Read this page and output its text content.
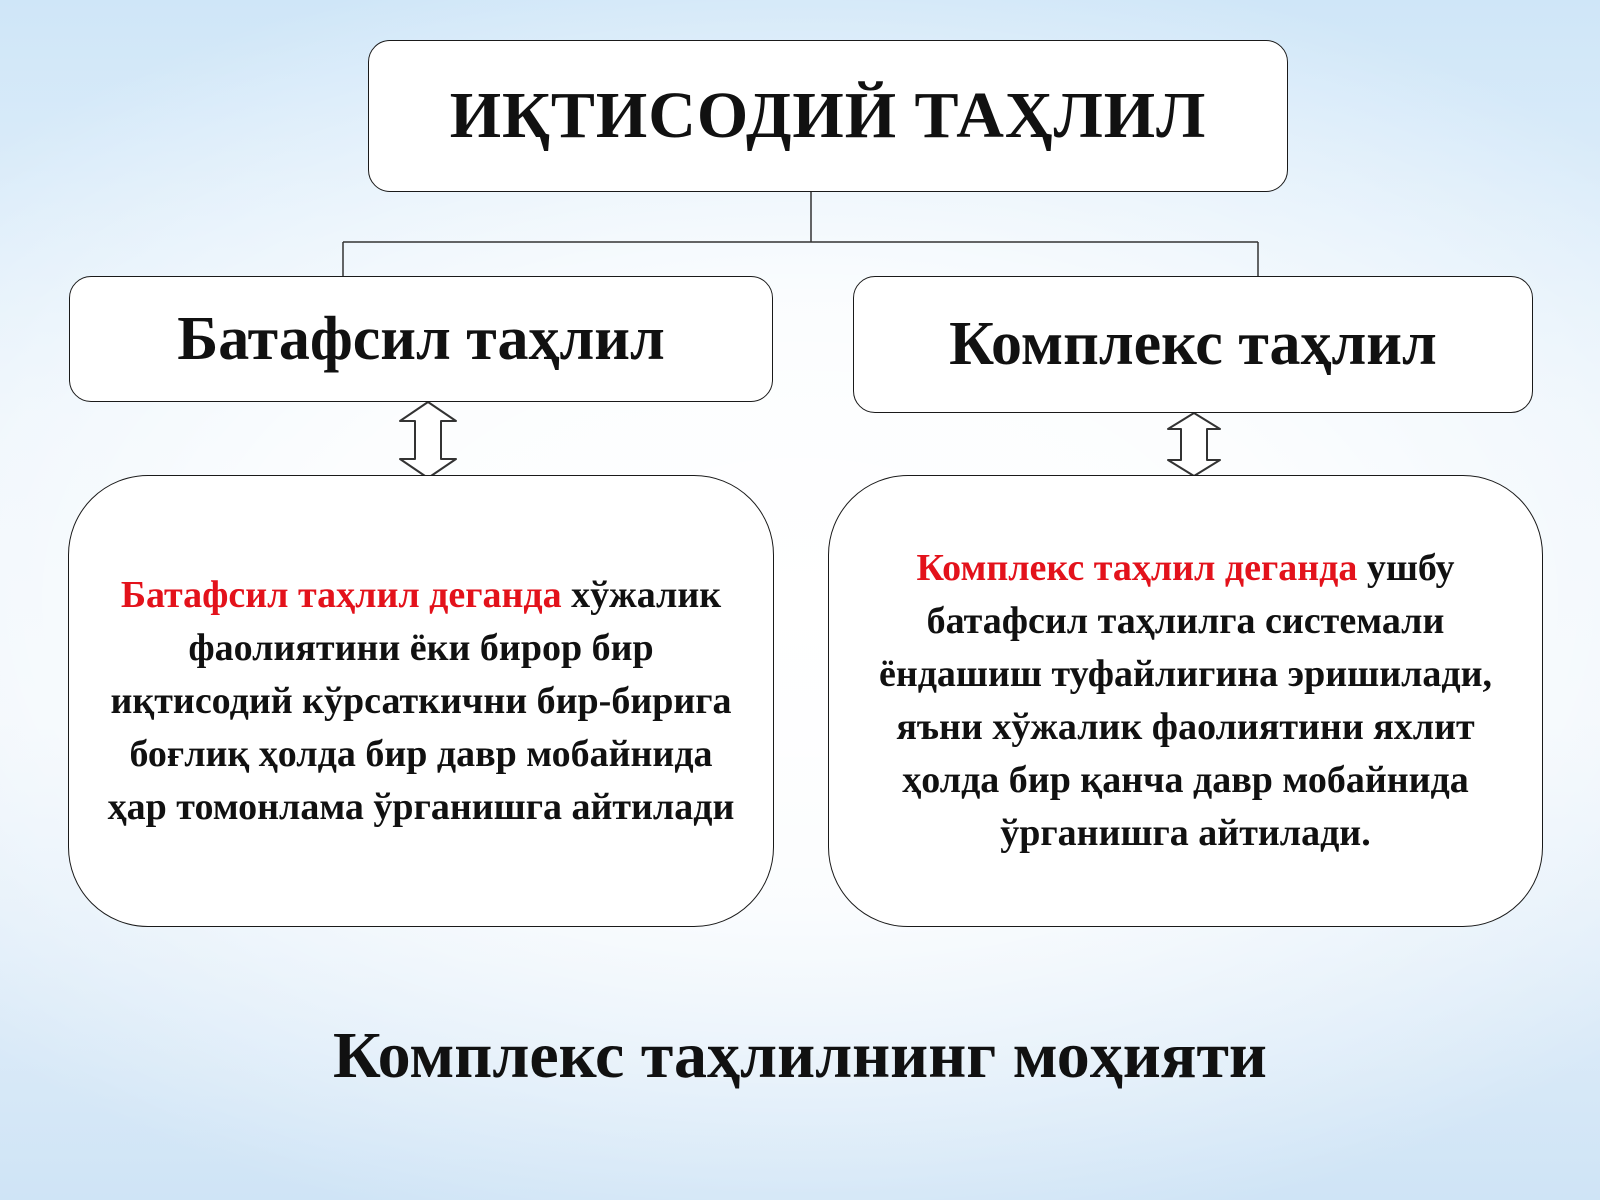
ИҚТИСОДИЙ ТАҲЛИЛ
Батафсил таҳлил	Комплекс таҳлил

Батафсил таҳлил деганда хўжалик фаолиятини ёки бирор бир иқтисодий кўрсаткични бир-бирига боғлиқ ҳолда бир давр мобайнида ҳар томонлама ўрганишга айтилади

Комплекс таҳлил деганда ушбу батафсил таҳлилга системали ёндашиш туфайлигина эришилади, яъни хўжалик фаолиятини яхлит ҳолда бир қанча давр мобайнида ўрганишга айтилади.

Комплекс таҳлилнинг моҳияти
